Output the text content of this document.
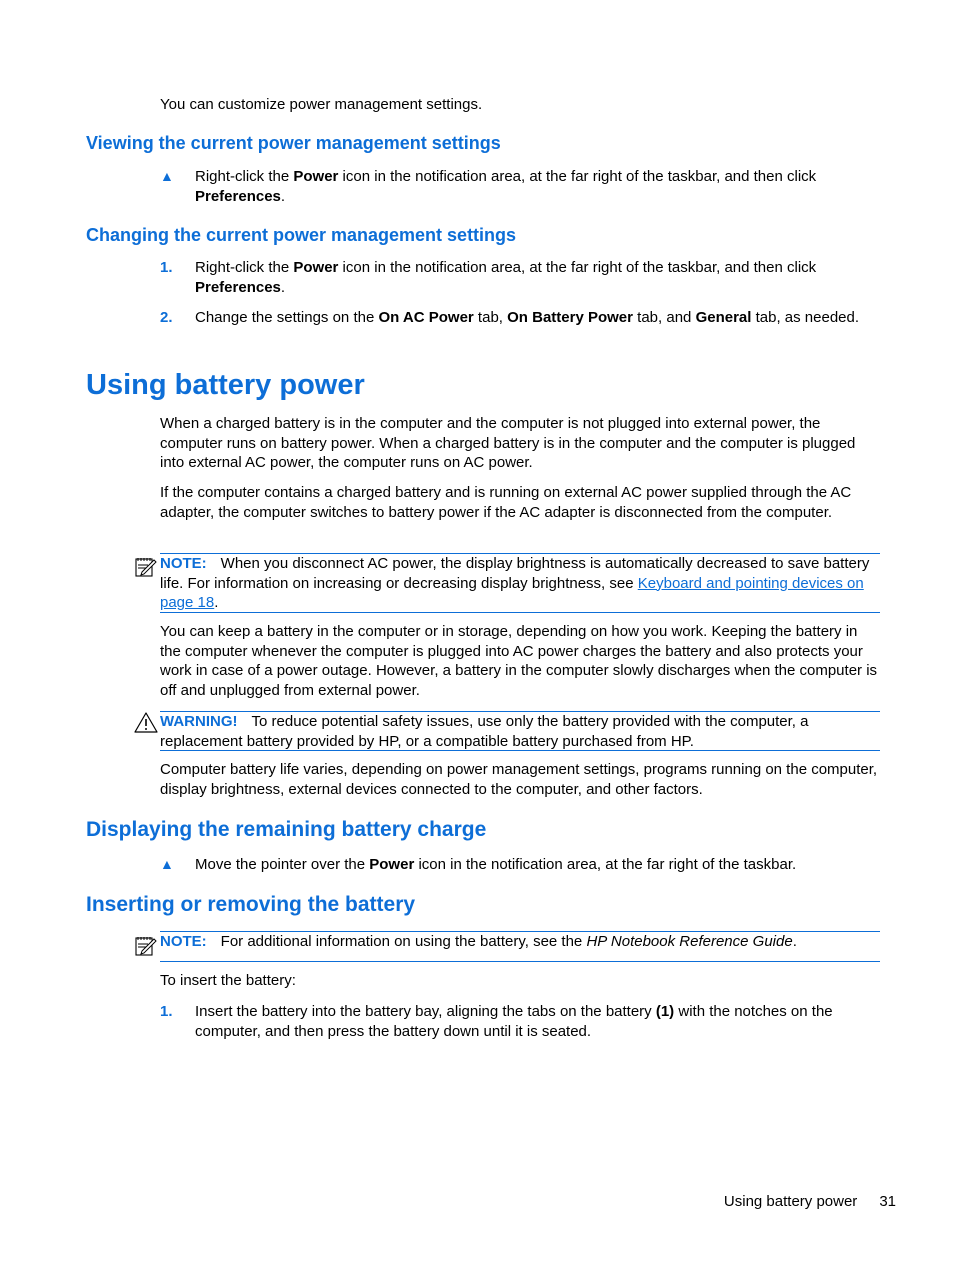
You can customize power management settings.

Viewing the current power management settings
▲	Right-click the Power icon in the notification area, at the far right of the taskbar, and then click Preferences.

Changing the current power management settings
1.	Right-click the Power icon in the notification area, at the far right of the taskbar, and then click Preferences.

2.	Change the settings on the On AC Power tab, On Battery Power tab, and General tab, as needed.

Using battery power

When a charged battery is in the computer and the computer is not plugged into external power, the computer runs on battery power. When a charged battery is in the computer and the computer is plugged into external AC power, the computer runs on AC power.

If the computer contains a charged battery and is running on external AC power supplied through the AC adapter, the computer switches to battery power if the AC adapter is disconnected from the computer.

NOTE: When you disconnect AC power, the display brightness is automatically decreased to save battery life. For information on increasing or decreasing display brightness, see Keyboard and pointing devices on page 18.

You can keep a battery in the computer or in storage, depending on how you work. Keeping the battery in the computer whenever the computer is plugged into AC power charges the battery and also protects your work in case of a power outage. However, a battery in the computer slowly discharges when the computer is off and unplugged from external power.

WARNING! To reduce potential safety issues, use only the battery provided with the computer, a replacement battery provided by HP, or a compatible battery purchased from HP.

Computer battery life varies, depending on power management settings, programs running on the computer, display brightness, external devices connected to the computer, and other factors.

Displaying the remaining battery charge
▲	Move the pointer over the Power icon in the notification area, at the far right of the taskbar.

Inserting or removing the battery

NOTE: For additional information on using the battery, see the HP Notebook Reference Guide.

To insert the battery:

1.	Insert the battery into the battery bay, aligning the tabs on the battery (1) with the notches on the computer, and then press the battery down until it is seated.

Using battery power 31
